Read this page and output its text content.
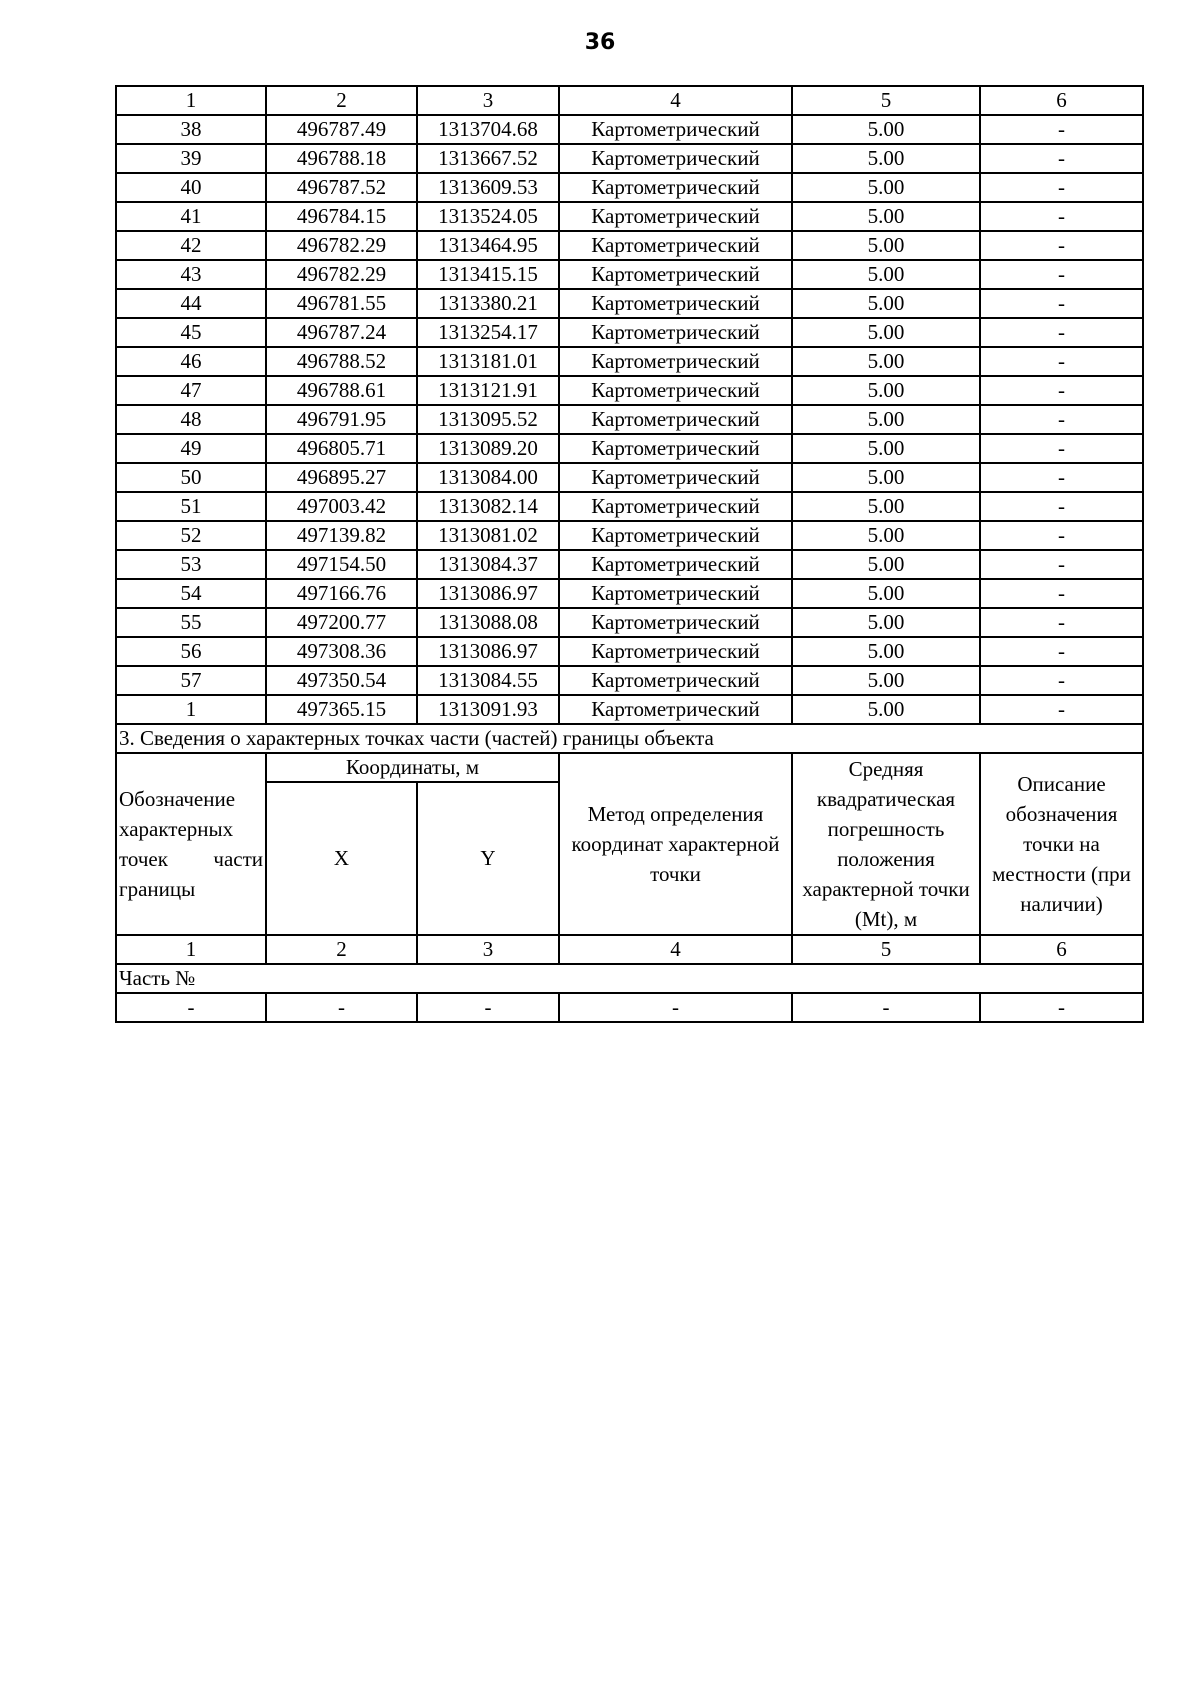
36
1	2	3	4	5	6
38	496787.49	1313704.68	Картометрический	5.00	-
39	496788.18	1313667.52	Картометрический	5.00	-
40	496787.52	1313609.53	Картометрический	5.00	-
41	496784.15	1313524.05	Картометрический	5.00	-
42	496782.29	1313464.95	Картометрический	5.00	-
43	496782.29	1313415.15	Картометрический	5.00	-
44	496781.55	1313380.21	Картометрический	5.00	-
45	496787.24	1313254.17	Картометрический	5.00	-
46	496788.52	1313181.01	Картометрический	5.00	-
47	496788.61	1313121.91	Картометрический	5.00	-
48	496791.95	1313095.52	Картометрический	5.00	-
49	496805.71	1313089.20	Картометрический	5.00	-
50	496895.27	1313084.00	Картометрический	5.00	-
51	497003.42	1313082.14	Картометрический	5.00	-
52	497139.82	1313081.02	Картометрический	5.00	-
53	497154.50	1313084.37	Картометрический	5.00	-
54	497166.76	1313086.97	Картометрический	5.00	-
55	497200.77	1313088.08	Картометрический	5.00	-
56	497308.36	1313086.97	Картометрический	5.00	-
57	497350.54	1313084.55	Картометрический	5.00	-
1	497365.15	1313091.93	Картометрический	5.00	-
3. Сведения о характерных точках части (частей) границы объекта					
Обозначение характерных точек части границы	Координаты, м		Метод определения координат характерной точки	Средняя квадратическая погрешность положения характерной точки (Mt), м	Описание обозначения точки на местности (при наличии)
	X	Y			
1	2	3	4	5	6
Часть №					
-	-	-	-	-	-
